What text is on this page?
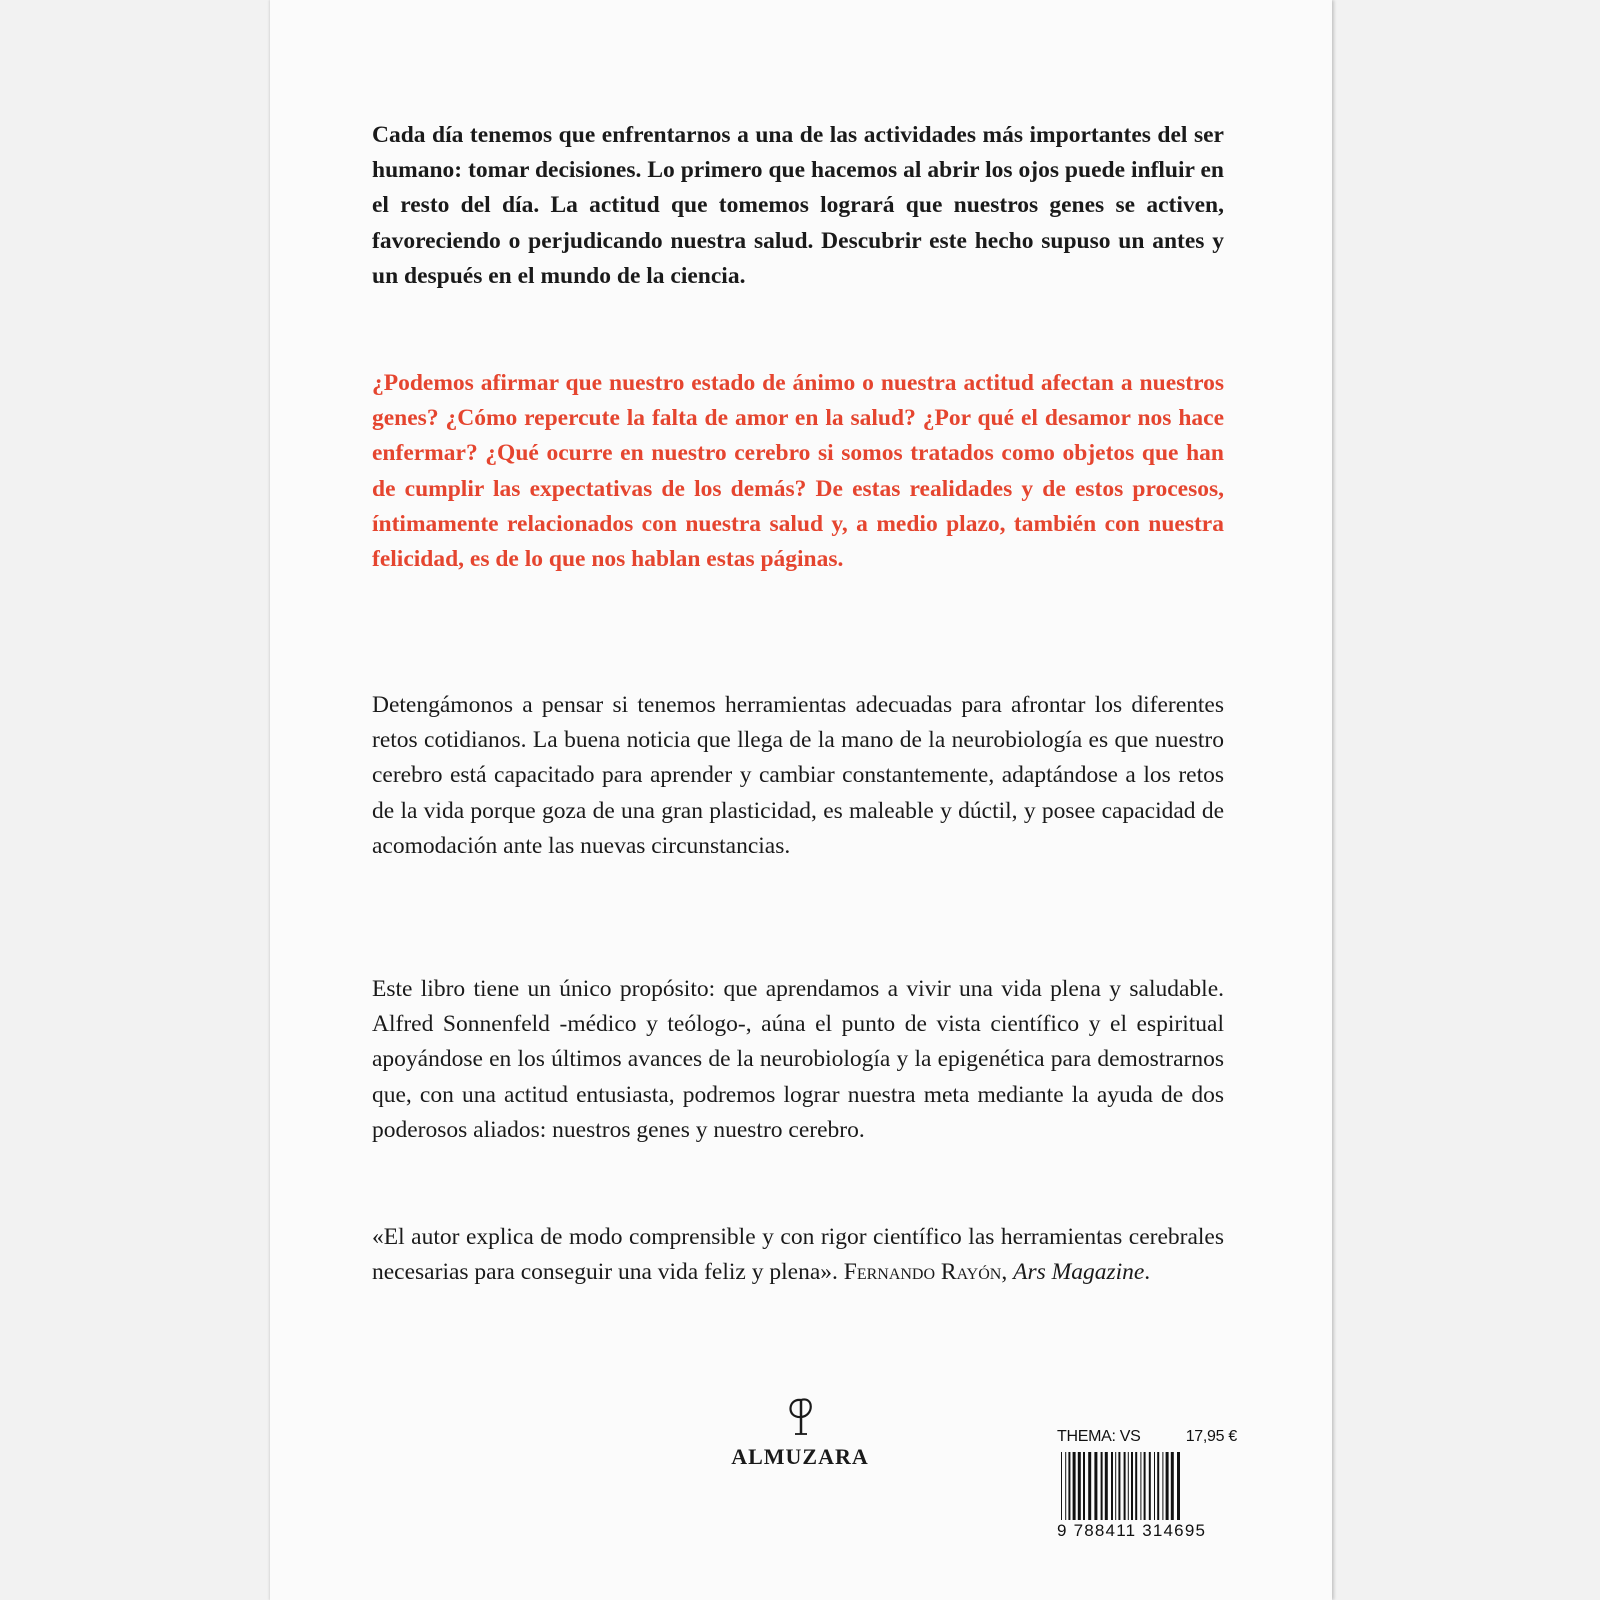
Cada día tenemos que enfrentarnos a una de las actividades más importantes del ser humano: tomar decisiones. Lo primero que hacemos al abrir los ojos puede influir en el resto del día. La actitud que tomemos logrará que nuestros genes se activen, favoreciendo o perjudicando nuestra salud. Descubrir este hecho supuso un antes y un después en el mundo de la ciencia.

¿Podemos afirmar que nuestro estado de ánimo o nuestra actitud afectan a nuestros genes? ¿Cómo repercute la falta de amor en la salud? ¿Por qué el desamor nos hace enfermar? ¿Qué ocurre en nuestro cerebro si somos tratados como objetos que han de cumplir las expectativas de los demás? De estas realidades y de estos procesos, íntimamente relacionados con nuestra salud y, a medio plazo, también con nuestra felicidad, es de lo que nos hablan estas páginas.

Detengámonos a pensar si tenemos herramientas adecuadas para afrontar los diferentes retos cotidianos. La buena noticia que llega de la mano de la neurobiología es que nuestro cerebro está capacitado para aprender y cambiar constantemente, adaptándose a los retos de la vida porque goza de una gran plasticidad, es maleable y dúctil, y posee capacidad de acomodación ante las nuevas circunstancias.

Este libro tiene un único propósito: que aprendamos a vivir una vida plena y saludable. Alfred Sonnenfeld -médico y teólogo-, aúna el punto de vista científico y el espiritual apoyándose en los últimos avances de la neurobiología y la epigenética para demostrarnos que, con una actitud entusiasta, podremos lograr nuestra meta mediante la ayuda de dos poderosos aliados: nuestros genes y nuestro cerebro.

«El autor explica de modo comprensible y con rigor científico las herramientas cerebrales necesarias para conseguir una vida feliz y plena». Fernando Rayón, Ars Magazine.

ALMUZARA
THEMA: VS	17,95 €
9 788411 314695
